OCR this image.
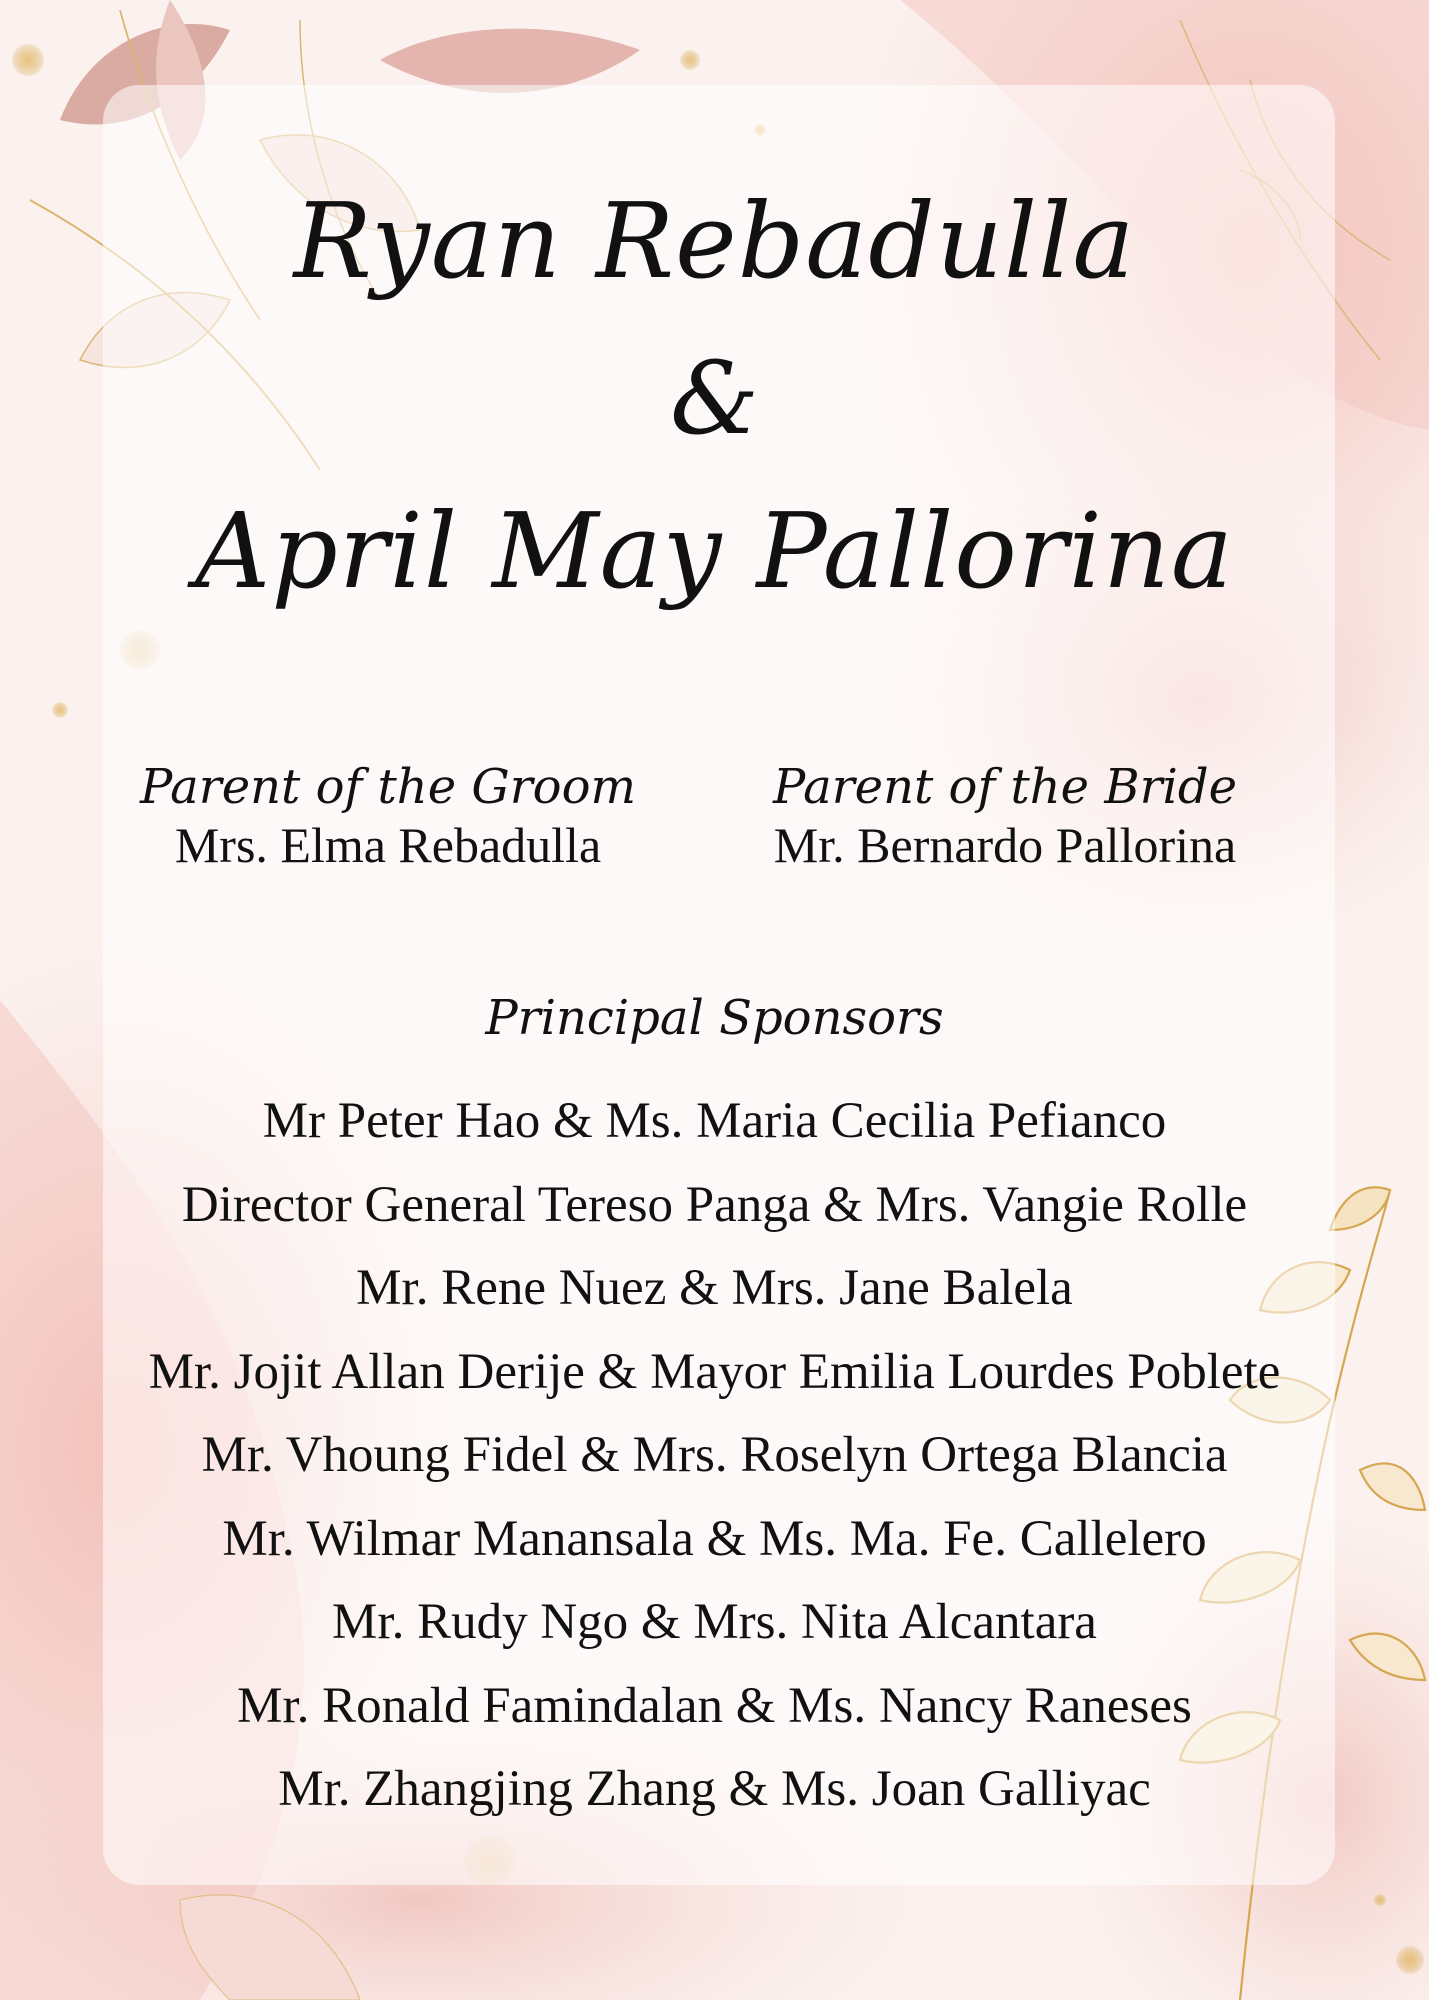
Ryan Rebadulla
&
April May Pallorina
Parent of the Groom
Mrs. Elma Rebadulla
Parent of the Bride
Mr. Bernardo Pallorina
Principal Sponsors
Mr Peter Hao & Ms. Maria Cecilia Pefianco
Director General Tereso Panga & Mrs. Vangie Rolle
Mr. Rene Nuez & Mrs. Jane Balela
Mr. Jojit Allan Derije & Mayor Emilia Lourdes Poblete
Mr. Vhoung Fidel & Mrs. Roselyn Ortega Blancia
Mr. Wilmar Manansala & Ms. Ma. Fe. Callelero
Mr. Rudy Ngo & Mrs. Nita Alcantara
Mr. Ronald Famindalan & Ms. Nancy Raneses
Mr. Zhangjing Zhang & Ms. Joan Galliyac
